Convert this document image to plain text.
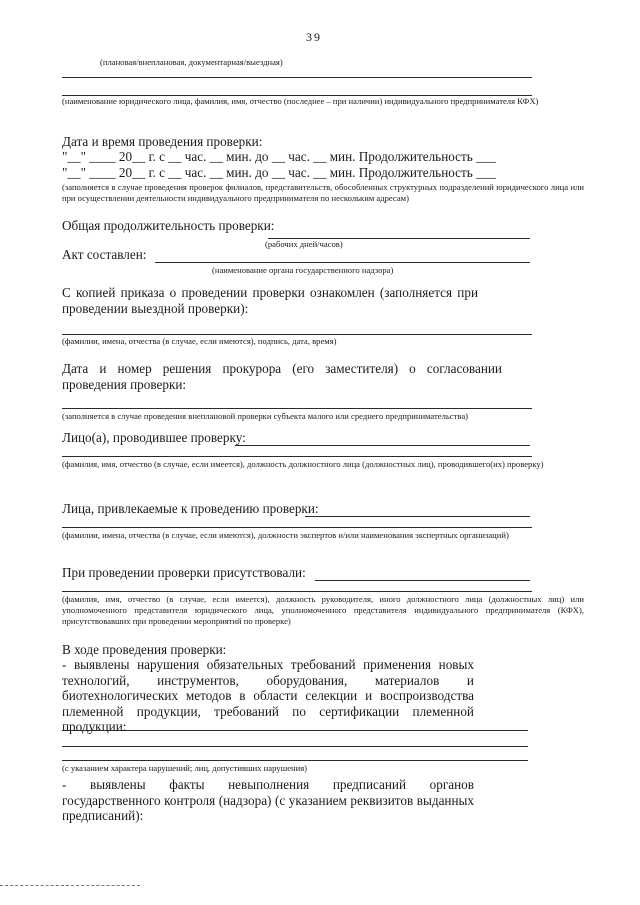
39
(плановая/внеплановая, документарная/выездная)
(наименование юридического лица, фамилия, имя, отчество (последнее – при наличии) индивидуального предпринимателя КФХ)
Дата и время проведения проверки:
"__" ____ 20__ г. с __ час. __ мин. до __ час. __ мин. Продолжительность ___
"__" ____ 20__ г. с __ час. __ мин. до __ час. __ мин. Продолжительность ___
(заполняется в случае проведения проверок филиалов, представительств, обособленных структурных подразделений юридического лица или при осуществлении деятельности индивидуального предпринимателя по нескольким адресам)
Общая продолжительность проверки:
(рабочих дней/часов)
Акт составлен:
(наименование органа государственного надзора)
С копией приказа о проведении проверки ознакомлен (заполняется при проведении выездной проверки):
(фамилии, имена, отчества (в случае, если имеются), подпись, дата, время)
Дата и номер решения прокурора (его заместителя) о согласовании проведения проверки:
(заполняется в случае проведения внеплановой проверки субъекта малого или среднего предпринимательства)
Лицо(а), проводившее проверку:
(фамилия, имя, отчество (в случае, если имеется), должность должностного лица (должностных лиц), проводившего(их) проверку)
Лица, привлекаемые к проведению проверки:
(фамилии, имена, отчества (в случае, если имеются), должности экспертов и/или наименования экспертных организаций)
При проведении проверки присутствовали:
(фамилия, имя, отчество (в случае, если имеется), должность руководителя, иного должностного лица (должностных лиц) или уполномоченного представителя юридического лица, уполномоченного представителя индивидуального предпринимателя (КФХ), присутствовавших при проведении мероприятий по проверке)
В ходе проведения проверки:
- выявлены нарушения обязательных требований применения новых технологий, инструментов, оборудования, материалов и биотехнологических методов в области селекции и воспроизводства племенной продукции, требований по сертификации племенной продукции:
(с указанием характера нарушений; лиц, допустивших нарушения)
- выявлены факты невыполнения предписаний органов государственного контроля (надзора) (с указанием реквизитов выданных предписаний):
